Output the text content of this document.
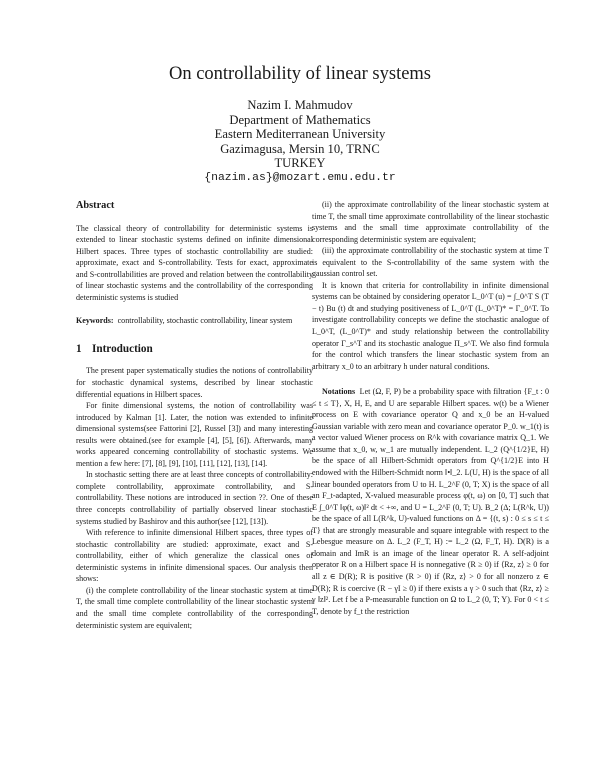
On controllability of linear systems
Nazim I. Mahmudov
Department of Mathematics
Eastern Mediterranean University
Gazimagusa, Mersin 10, TRNC
TURKEY
{nazim.as}@mozart.emu.edu.tr
Abstract

The classical theory of controllability for deterministic systems is extended to linear stochastic systems defined on infinite dimensional Hilbert spaces. Three types of stochastic controllability are studied: approximate, exact and S-controllability. Tests for exact, approximate and S-controllabilities are proved and relation between the controllability of linear stochastic systems and the controllability of the corresponding deterministic systems is studied

Keywords: controllability, stochastic controllability, linear system

1 Introduction

The present paper systematically studies the notions of controllability for stochastic dynamical systems, described by linear stochastic differential equations in Hilbert spaces.

For finite dimensional systems, the notion of controllability was introduced by Kalman [1]. Later, the notion was extended to infinite dimensional systems(see Fattorini [2], Russel [3]) and many interesting results were obtained.(see for example [4], [5], [6]). Afterwards, many works appeared concerning controllability of stochastic systems. We mention a few here: [7], [8], [9], [10], [11], [12], [13], [14].

In stochastic setting there are at least three concepts of controllability: complete controllability, approximate controllability, and S-controllability. These notions are introduced in section ??. One of these three concepts controllability of partially observed linear stochastic systems studied by Bashirov and this author(see [12], [13]).

With reference to infinite dimensional Hilbert spaces, three types of stochastic controllability are studied: approximate, exact and S-controllability, either of which generalize the classical ones of deterministic systems in infinite dimensional spaces. Our analysis then shows:

(i) the complete controllability of the linear stochastic system at time T, the small time complete controllability of the linear stochastic system and the small time complete controllability of the corresponding deterministic system are equivalent;

(ii) the approximate controllability of the linear stochastic system at time T, the small time approximate controllability of the linear stochastic systems and the small time approximate controllability of the corresponding deterministic system are equivalent;

(iii) the approximate controllability of the stochastic system at time T is equivalent to the S-controllability of the same system with the gaussian control set.

It is known that criteria for controllability in infinite dimensional systems can be obtained by considering operator L_0^T (u) = ∫_0^T S (T − t) Bu (t) dt and studying positiveness of L_0^T (L_0^T)* = Γ_0^T. To investigate controllability concepts we define the stochastic analogue of L_0^T, (L_0^T)* and study relationship between the controllability operator Γ_s^T and its stochastic analogue Π_s^T. We also find formula for the control which transfers the linear stochastic system from an arbitrary x_0 to an arbitrary h under natural conditions.

Notations Let (Ω, F, P) be a probability space with filtration {F_t : 0 ≤ t ≤ T}, X, H, E, and U are separable Hilbert spaces. w(t) be a Wiener process on E with covariance operator Q and x_0 be an H-valued Gaussian variable with zero mean and covariance operator P_0. w_1(t) is a vector valued Wiener process on R^k with covariance matrix Q_1. We assume that x_0, w, w_1 are mutually independent. L_2 (Q^{1/2}E, H) be the space of all Hilbert-Schmidt operators from Q^{1/2}E into H endowed with the Hilbert-Schmidt norm ‖•‖_2. L(U, H) is the space of all linear bounded operators from U to H. L_2^F (0, T; X) is the space of all an F_t-adapted, X-valued measurable process φ(t, ω) on [0, T] such that E ∫_0^T ‖φ(t, ω)‖² dt < +∞, and U = L_2^F (0, T; U). B_2 (Δ; L(R^k, U)) be the space of all L(R^k, U)-valued functions on Δ = {(t, s) : 0 ≤ s ≤ t ≤ T} that are strongly measurable and square integrable with respect to the Lebesgue measure on Δ. L_2 (F_T, H) := L_2 (Ω, F_T, H). D(R) is a domain and ImR is an image of the linear operator R. A self-adjoint operator R on a Hilbert space H is nonnegative (R ≥ 0) if ⟨Rz, z⟩ ≥ 0 for all z ∈ D(R); R is positive (R > 0) if ⟨Rz, z⟩ > 0 for all nonzero z ∈ D(R); R is coercive (R − γI ≥ 0) if there exists a γ > 0 such that ⟨Rz, z⟩ ≥ γ ‖z‖². Let f be a P-measurable function on Ω to L_2 (0, T; Y). For 0 < t ≤ T, denote by f_t the restriction
